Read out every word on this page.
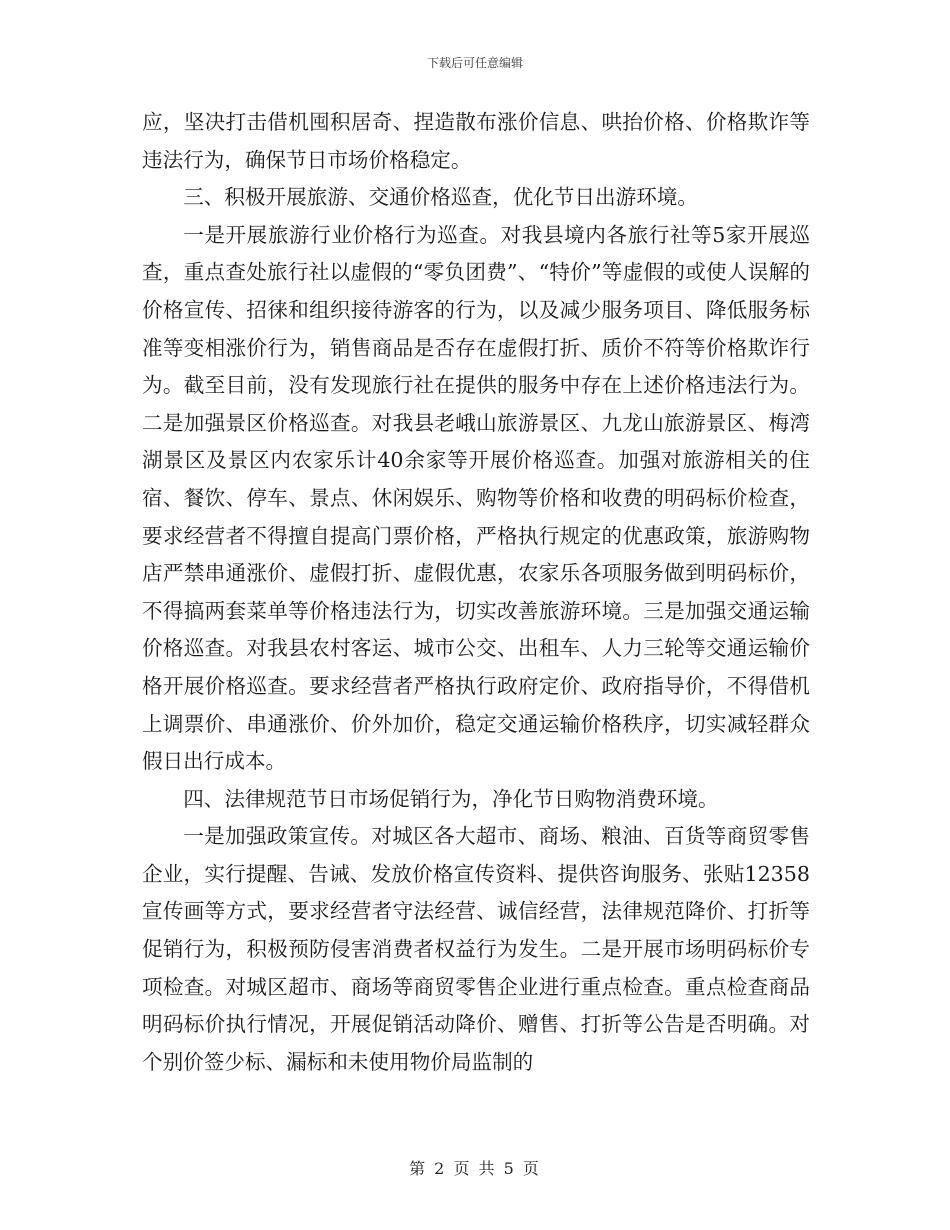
下载后可任意编辑

应，坚决打击借机囤积居奇、捏造散布涨价信息、哄抬价格、价格欺诈等违法行为，确保节日市场价格稳定。

三、积极开展旅游、交通价格巡查，优化节日出游环境。

一是开展旅游行业价格行为巡查。对我县境内各旅行社等5家开展巡查，重点查处旅行社以虚假的“零负团费”、“特价”等虚假的或使人误解的价格宣传、招徕和组织接待游客的行为，以及减少服务项目、降低服务标准等变相涨价行为，销售商品是否存在虚假打折、质价不符等价格欺诈行为。截至目前，没有发现旅行社在提供的服务中存在上述价格违法行为。二是加强景区价格巡查。对我县老峨山旅游景区、九龙山旅游景区、梅湾湖景区及景区内农家乐计40余家等开展价格巡查。加强对旅游相关的住宿、餐饮、停车、景点、休闲娱乐、购物等价格和收费的明码标价检查，要求经营者不得擅自提高门票价格，严格执行规定的优惠政策，旅游购物店严禁串通涨价、虚假打折、虚假优惠，农家乐各项服务做到明码标价，不得搞两套菜单等价格违法行为，切实改善旅游环境。三是加强交通运输价格巡查。对我县农村客运、城市公交、出租车、人力三轮等交通运输价格开展价格巡查。要求经营者严格执行政府定价、政府指导价，不得借机上调票价、串通涨价、价外加价，稳定交通运输价格秩序，切实减轻群众假日出行成本。

四、法律规范节日市场促销行为，净化节日购物消费环境。

一是加强政策宣传。对城区各大超市、商场、粮油、百货等商贸零售企业，实行提醒、告诫、发放价格宣传资料、提供咨询服务、张贴12358宣传画等方式，要求经营者守法经营、诚信经营，法律规范降价、打折等促销行为，积极预防侵害消费者权益行为发生。二是开展市场明码标价专项检查。对城区超市、商场等商贸零售企业进行重点检查。重点检查商品明码标价执行情况，开展促销活动降价、赠售、打折等公告是否明确。对个别价签少标、漏标和未使用物价局监制的

第 2 页 共 5 页
